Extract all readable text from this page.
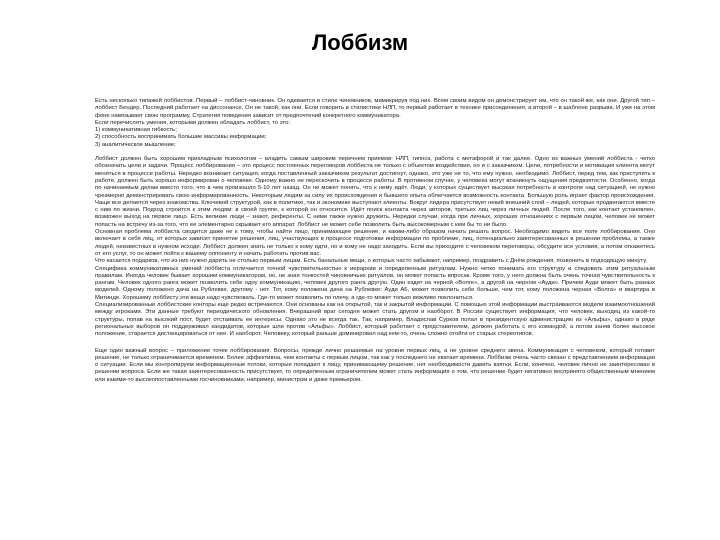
Лоббизм

Есть несколько типажей лоббистов. Первый – лоббист-чиновник. Он одевается в стиле чиновников, мимикрируя под них. Всем своим видом он демонстрирует им, что он такой же, как они. Другой тип – лоббист Бендер. Последний работает на диссонансе. Он не такой, как они. Если говорить в стилистике НЛП, то первый работает в технике присоединения, а второй – в шаблоне разрыва. И уже на этом фоне навязывает свою программу. Стратегия поведения зависит от предпочтений конкретного коммуникатора.

Если перечислять умения, которыми должен обладать лоббист, то это:

1) коммуникативная гибкость;

2) способность воспринимать большие массивы информации;

3) аналитическое мышление;

Лоббист должен быть хорошим прикладным психологом – владеть самым широким перечнем приемов: НЛП, гипноз, работа с метафорой и так далее. Одно из важных умений лоббиста - четко обозначать цели и задачи. Процесс лоббирования – это процесс постоянных переговоров лоббиста не только с объектом воздействия, но и с заказчиком. Цели, потребности и мотивация клиента могут меняться в процессе работы. Нередко возникает ситуация, когда поставленный заказчиком результат достигнут, однако, это уже не то, что ему нужно, необходимо. Лоббист, перед тем, как приступить к работе, должен быть хорошо информирован о человеке. Одному важно не перескочить в процессе работы. В противном случае, у человека могут возникнуть ощущения предвзятости. Особенно, когда по начинаемым делам вместо того, что в чем произошло 5-10 лет назад. Он не может понять, что к нему идёт. Люди, у которых существует высокая потребность в контроле над ситуацией, не нужно чрезмерно демонстрировать свою информированность. Некоторым людям за силу их происхождения и бывшего опыта облегчается возможность контакта. Большую роль играет фактор происхождения. Чаще все делается через знакомства. Ключевой структурой, как в политике, так и экономике выступают клиенты. Вокруг лидера присутствует некий внешний слой – людей, которые продвигаются вместе с ним по жизни. Подход строится к этим людям: в своей группе, к которой он относится. Идёт поиск контакта через авторов, третьих лиц через личных людей. После того, как контакт установлен, возможен выход на первое лицо. Есть великие люди – знают, референты. С ними также нужно дружить. Нередки случаи, когда при личных, хороших отношениях с первым лицом, человек не может попасть на встречу из-за того, что ее элементарно скрывает его аппарат. Лоббист не может себе позволить быть высокомерным с кем бы то ни было.

Основная проблема лоббиста сводится даже не к тому, чтобы найти лицо, принимающее решение, и каким-либо образом начать решать вопрос. Необходимо видеть все поле лоббирования. Оно включает в себя лиц, от которых зависит принятие решения, лиц, участвующих в процессе подготовки информации по проблеме, лиц, потенциально заинтересованных в решении проблемы, а также людей, неизвестных в нужном исходе. Лоббист должен знать не только к кому идти, но и кому не надо заходить. Если вы приходите с человеком переговоры, обсудите все условия, а потом откажетесь от его услуг, то он может пойти к вашему оппоненту и начать работать против вас.

Что касается подарков, что из них нужно дарить не столько первым лицам. Есть банальные вещи, о которых часто забывают, например, поздравить с Днём рождения, позвонить в подходящую минуту.

Специфика коммуникативных умений лоббиста отличается точной чувствительностью к иерархии и определенным ритуалам. Нужно четко понимать его структуру и следовать этим ритуальным правилам. Иногда человек бывает хорошим коммуникатором, но, не зная тонкостей чиновничьих ритуалов, он может попасть впросак. Кроме того, у него должна быть очень точная чувствительность к рангам. Человек одного ранга может позволить себе одну коммуникацию, человек другого ранга другую. Один ездит на черной «Волге», а другой на черном «Ауди». Причем Ауди может быть разных моделей. Одному положено дача на Рублевке, другому - нет. Тот, кому положена дача на Рублевке: Ауди А6, может позволить себе больше, чем тот, кому положена черная «Волга» и квартира в Митинде. Хорошему лоббисту эти вещи надо чувствовать. Где-то может позволить по плечу, а где-то может только вежливо поклониться.

Специализированные лоббистские конторы еще редко встречаются. Они основаны как на открытой, так и закрытой информации. С помощью этой информации выстраиваются модели взаимоотношений между игроками. Эти данные требуют периодического обновления. Вчерашний враг сегодня может стать другом и наоборот. В России существует информация, что человек, выходец из какой-то структуры, попав на высокий пост, будет отстаивать ее интересы. Однако это не всегда так. Так, например, Владислав Сурков попал в президентскую администрацию из «Альфы», однако в ряде региональных выборов он поддерживал кандидатов, которые шли против «Альфы». Лоббист, который работает с представителем, должен работать с его командой, а потом заняв более высокое положение, старается дистанцироваться от нее. И наоборот. Человеку, который раньше доминировал над кем-то, очень сложно отойти от старых стереотипов.

Еще один важный вопрос – приложение точек лоббирования. Вопросы, прежде лично решаемые на уровне первых лиц, а не уровне среднего звена. Коммуникация с человеком, который готовит решение, не только ограничивается временем. Более эффективна, чем контакты с первым лицом, так как у последнего не хватает времени. Лоббизм очень часто связан с представлением информации о ситуации. Если мы контролируем информационные потоки, которые попадают к лицу, принимающему решение, нет необходимости давить взятки. Если, конечно, человек лично не заинтересован в решении вопроса. Если же такая заинтересованность присутствует, то определенным ограничителем может стать информация о том, что решение будет негативно воспринято общественным мнением или какими-то высокопоставленными госчиновниками, например, министром и даже премьером.
